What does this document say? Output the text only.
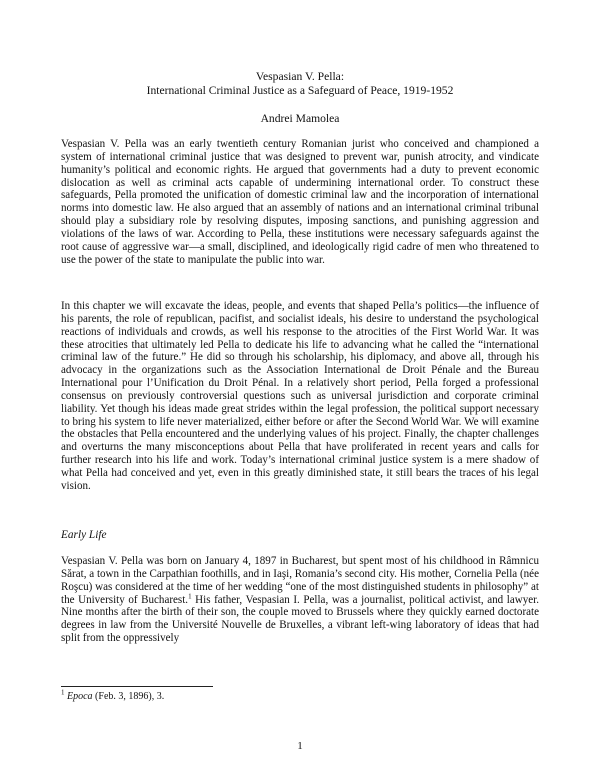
Vespasian V. Pella:
International Criminal Justice as a Safeguard of Peace, 1919-1952
Andrei Mamolea

Vespasian V. Pella was an early twentieth century Romanian jurist who conceived and championed a system of international criminal justice that was designed to prevent war, punish atrocity, and vindicate humanity’s political and economic rights. He argued that governments had a duty to prevent economic dislocation as well as criminal acts capable of undermining international order. To construct these safeguards, Pella promoted the unification of domestic criminal law and the incorporation of international norms into domestic law. He also argued that an assembly of nations and an international criminal tribunal should play a subsidiary role by resolving disputes, imposing sanctions, and punishing aggression and violations of the laws of war. According to Pella, these institutions were necessary safeguards against the root cause of aggressive war—a small, disciplined, and ideologically rigid cadre of men who threatened to use the power of the state to manipulate the public into war.

In this chapter we will excavate the ideas, people, and events that shaped Pella’s politics—the influence of his parents, the role of republican, pacifist, and socialist ideals, his desire to understand the psychological reactions of individuals and crowds, as well his response to the atrocities of the First World War. It was these atrocities that ultimately led Pella to dedicate his life to advancing what he called the “international criminal law of the future.” He did so through his scholarship, his diplomacy, and above all, through his advocacy in the organizations such as the Association International de Droit Pénale and the Bureau International pour l’Unification du Droit Pénal. In a relatively short period, Pella forged a professional consensus on previously controversial questions such as universal jurisdiction and corporate criminal liability. Yet though his ideas made great strides within the legal profession, the political support necessary to bring his system to life never materialized, either before or after the Second World War. We will examine the obstacles that Pella encountered and the underlying values of his project. Finally, the chapter challenges and overturns the many misconceptions about Pella that have proliferated in recent years and calls for further research into his life and work. Today’s international criminal justice system is a mere shadow of what Pella had conceived and yet, even in this greatly diminished state, it still bears the traces of his legal vision.

Early Life

Vespasian V. Pella was born on January 4, 1897 in Bucharest, but spent most of his childhood in Râmnicu Sărat, a town in the Carpathian foothills, and in Iaşi, Romania’s second city. His mother, Cornelia Pella (née Roşcu) was considered at the time of her wedding “one of the most distinguished students in philosophy” at the University of Bucharest.$^1$ His father, Vespasian I. Pella, was a journalist, political activist, and lawyer. Nine months after the birth of their son, the couple moved to Brussels where they quickly earned doctorate degrees in law from the Université Nouvelle de Bruxelles, a vibrant left-wing laboratory of ideas that had split from the oppressively

$^1$ Epoca (Feb. 3, 1896), 3.
1
